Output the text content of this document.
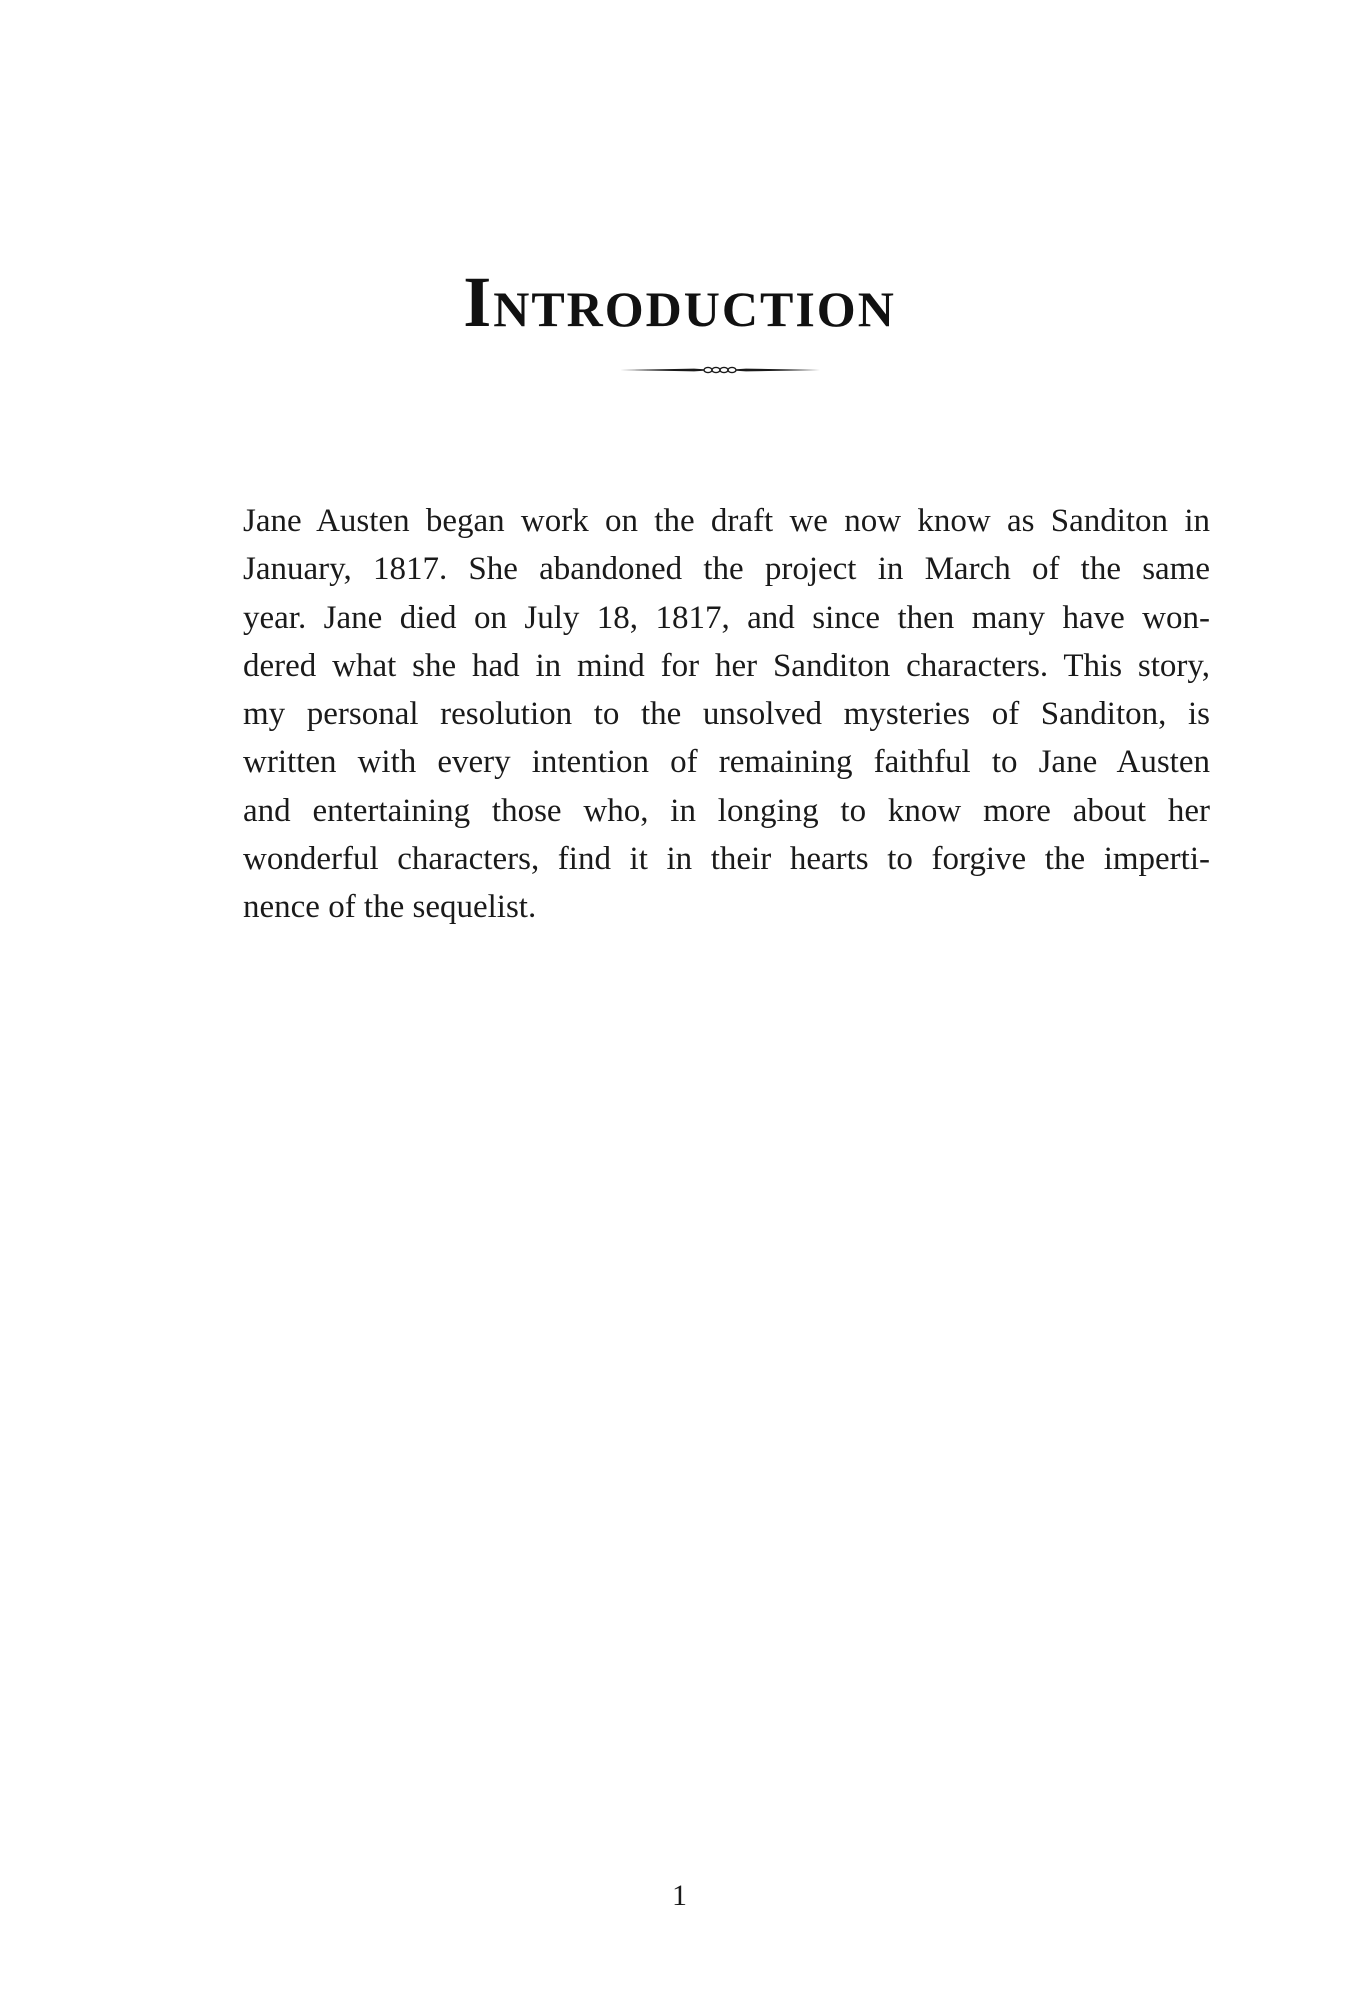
Introduction
Jane Austen began work on the draft we now know as Sanditon in
January, 1817. She abandoned the project in March of the same
year. Jane died on July 18, 1817, and since then many have won-
dered what she had in mind for her Sanditon characters. This story,
my personal resolution to the unsolved mysteries of Sanditon, is
written with every intention of remaining faithful to Jane Austen
and entertaining those who, in longing to know more about her
wonderful characters, find it in their hearts to forgive the imperti-
nence of the sequelist.
1
